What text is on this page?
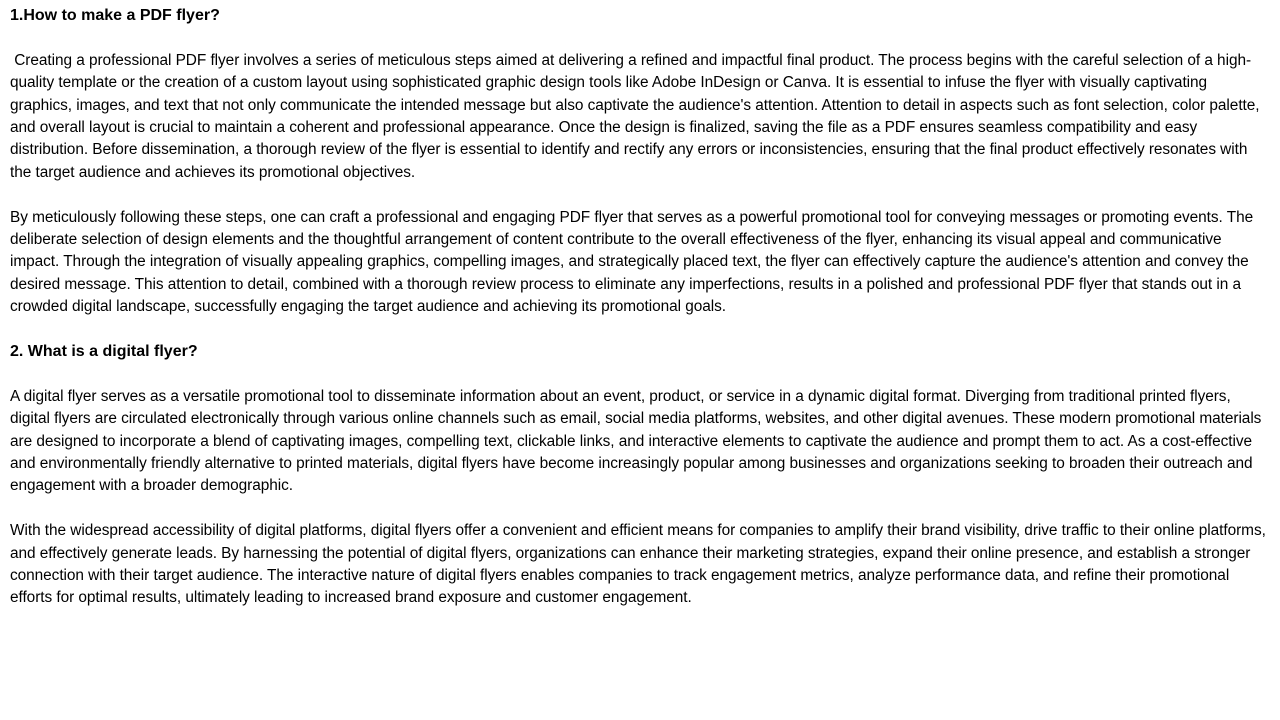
1.How to make a PDF flyer?
Creating a professional PDF flyer involves a series of meticulous steps aimed at delivering a refined and impactful final product. The process begins with the careful selection of a high-quality template or the creation of a custom layout using sophisticated graphic design tools like Adobe InDesign or Canva. It is essential to infuse the flyer with visually captivating graphics, images, and text that not only communicate the intended message but also captivate the audience's attention. Attention to detail in aspects such as font selection, color palette, and overall layout is crucial to maintain a coherent and professional appearance. Once the design is finalized, saving the file as a PDF ensures seamless compatibility and easy distribution. Before dissemination, a thorough review of the flyer is essential to identify and rectify any errors or inconsistencies, ensuring that the final product effectively resonates with the target audience and achieves its promotional objectives.
By meticulously following these steps, one can craft a professional and engaging PDF flyer that serves as a powerful promotional tool for conveying messages or promoting events. The deliberate selection of design elements and the thoughtful arrangement of content contribute to the overall effectiveness of the flyer, enhancing its visual appeal and communicative impact. Through the integration of visually appealing graphics, compelling images, and strategically placed text, the flyer can effectively capture the audience's attention and convey the desired message. This attention to detail, combined with a thorough review process to eliminate any imperfections, results in a polished and professional PDF flyer that stands out in a crowded digital landscape, successfully engaging the target audience and achieving its promotional goals.
2. What is a digital flyer?
A digital flyer serves as a versatile promotional tool to disseminate information about an event, product, or service in a dynamic digital format. Diverging from traditional printed flyers, digital flyers are circulated electronically through various online channels such as email, social media platforms, websites, and other digital avenues. These modern promotional materials are designed to incorporate a blend of captivating images, compelling text, clickable links, and interactive elements to captivate the audience and prompt them to act. As a cost-effective and environmentally friendly alternative to printed materials, digital flyers have become increasingly popular among businesses and organizations seeking to broaden their outreach and engagement with a broader demographic.
With the widespread accessibility of digital platforms, digital flyers offer a convenient and efficient means for companies to amplify their brand visibility, drive traffic to their online platforms, and effectively generate leads. By harnessing the potential of digital flyers, organizations can enhance their marketing strategies, expand their online presence, and establish a stronger connection with their target audience. The interactive nature of digital flyers enables companies to track engagement metrics, analyze performance data, and refine their promotional efforts for optimal results, ultimately leading to increased brand exposure and customer engagement.
